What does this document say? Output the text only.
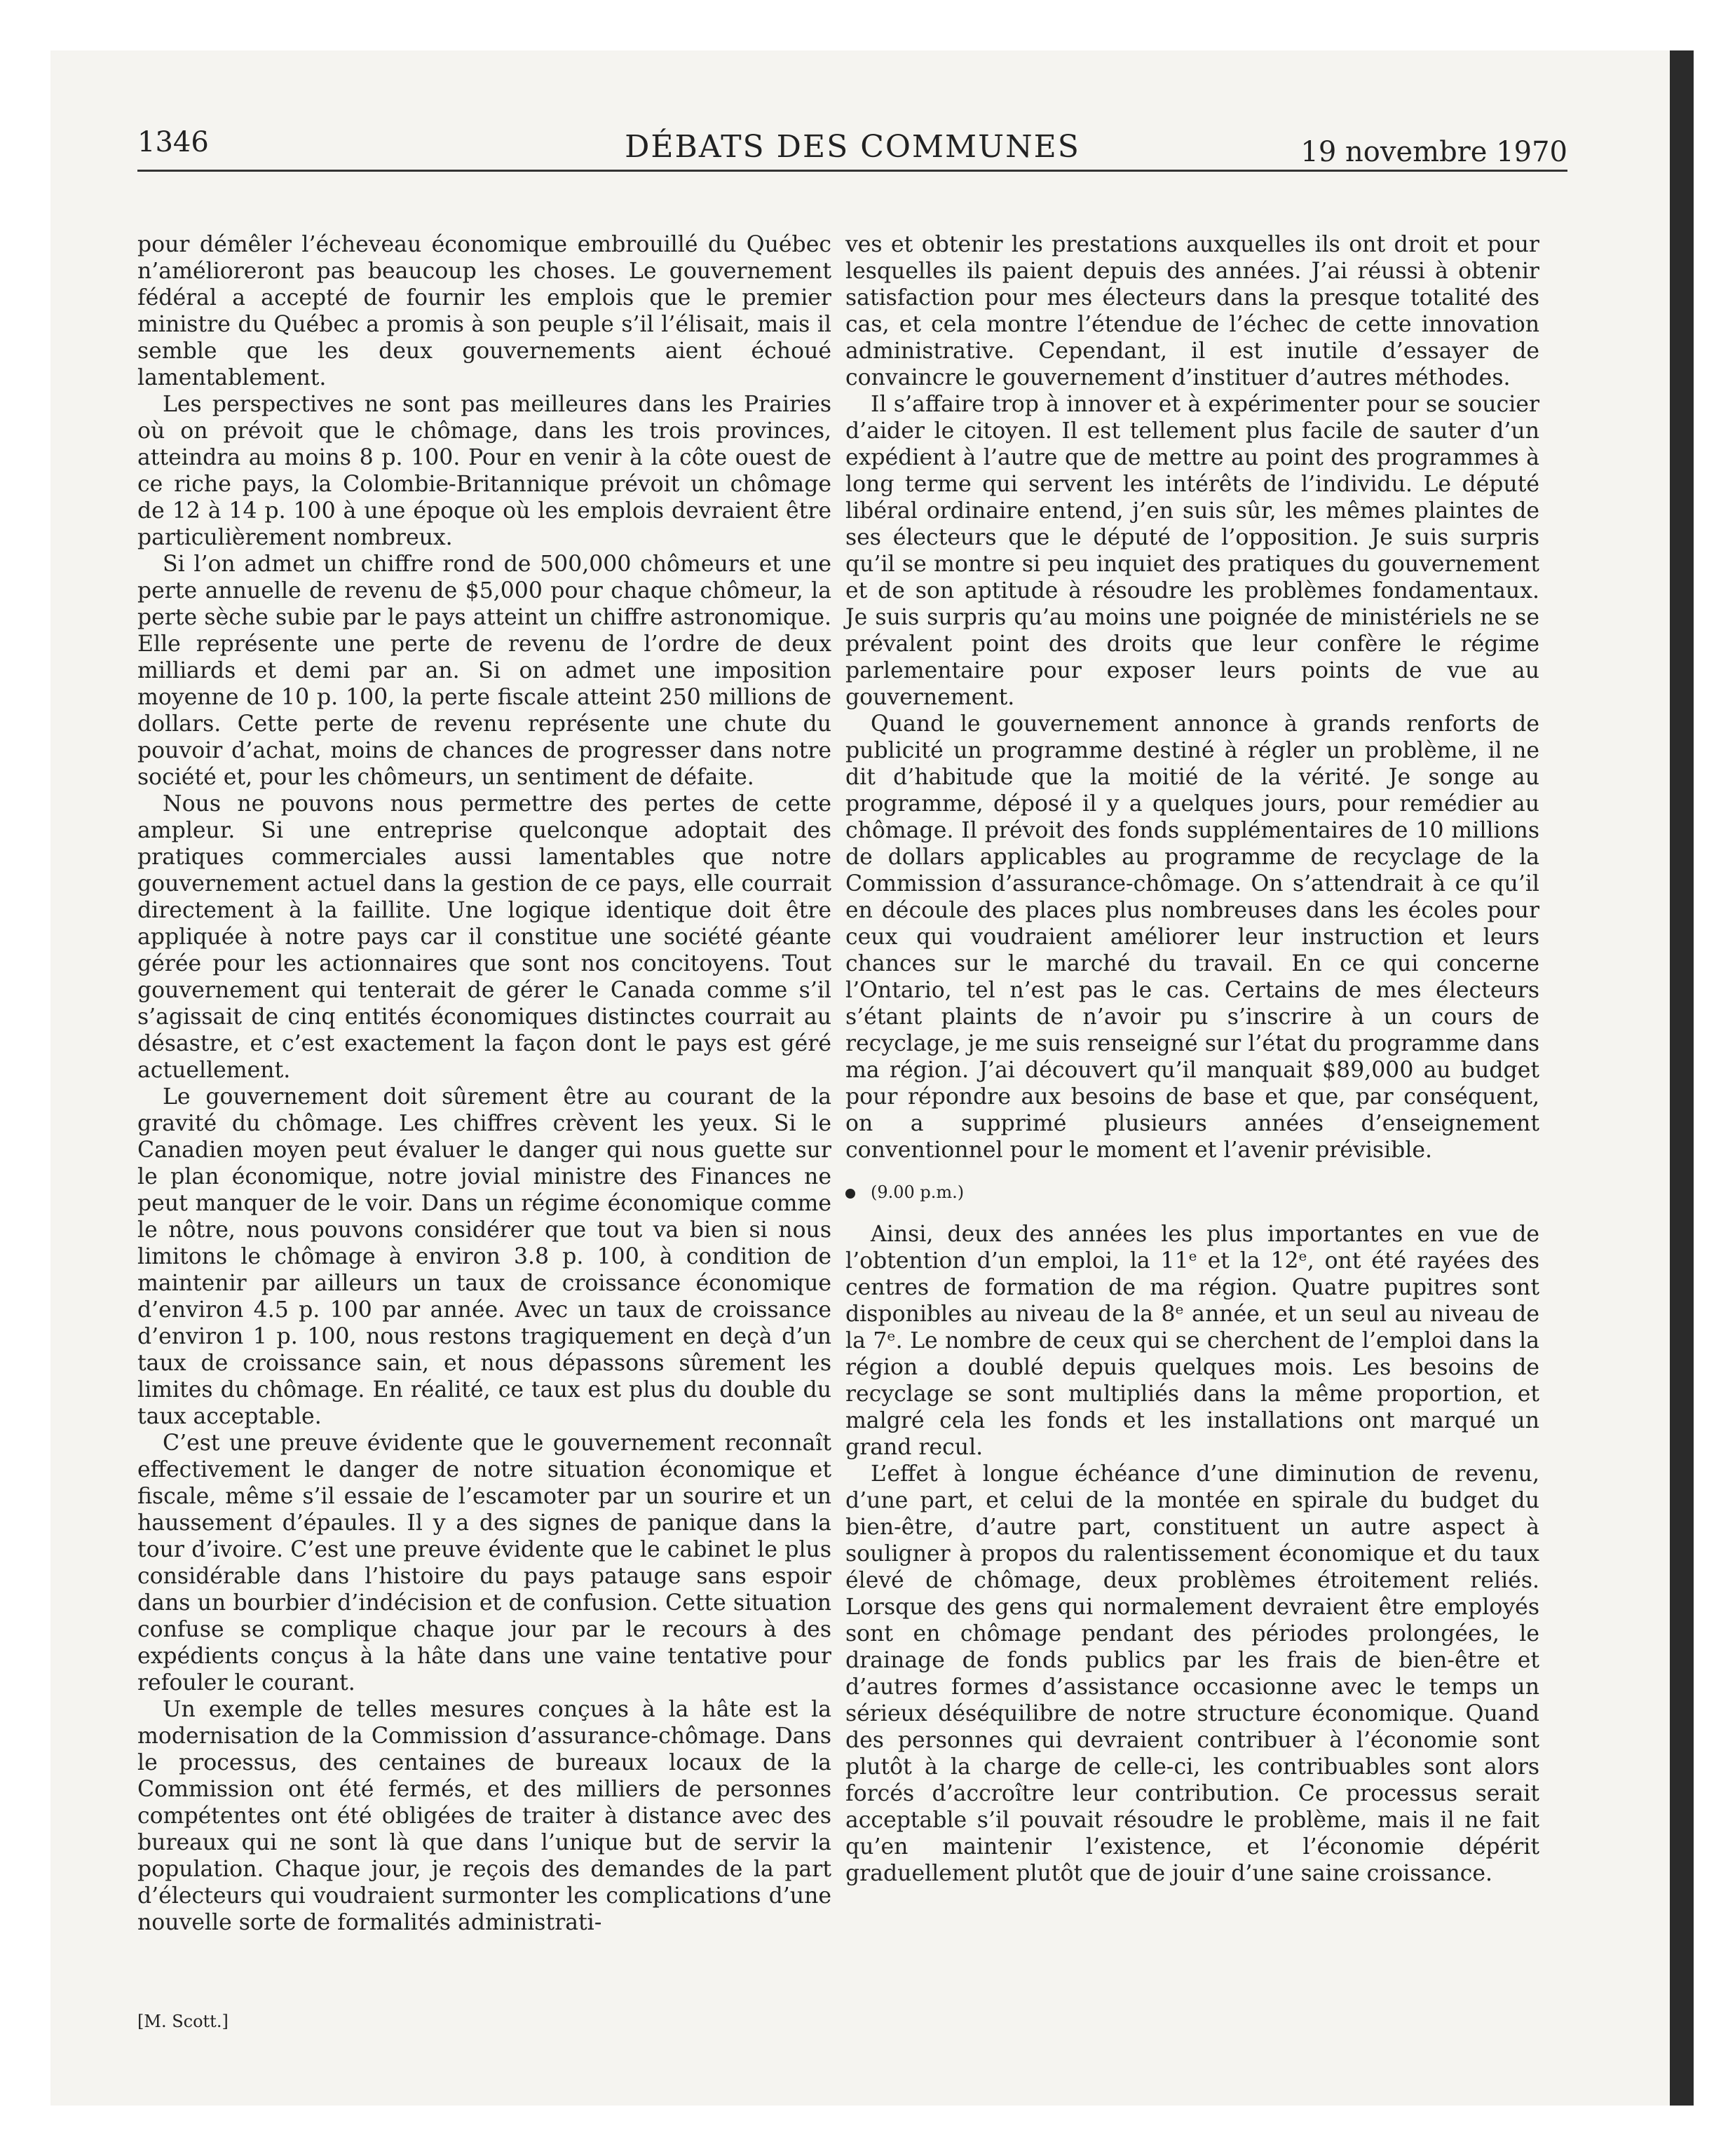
1346	DÉBATS DES COMMUNES	19 novembre 1970

pour démêler l’écheveau économique embrouillé du Québec n’amélioreront pas beaucoup les choses. Le gouvernement fédéral a accepté de fournir les emplois que le premier ministre du Québec a promis à son peuple s’il l’élisait, mais il semble que les deux gouvernements aient échoué lamentablement.

Les perspectives ne sont pas meilleures dans les Prairies où on prévoit que le chômage, dans les trois provinces, atteindra au moins 8 p. 100. Pour en venir à la côte ouest de ce riche pays, la Colombie-Britannique prévoit un chômage de 12 à 14 p. 100 à une époque où les emplois devraient être particulièrement nombreux.

Si l’on admet un chiffre rond de 500,000 chômeurs et une perte annuelle de revenu de $5,000 pour chaque chômeur, la perte sèche subie par le pays atteint un chiffre astronomique. Elle représente une perte de revenu de l’ordre de deux milliards et demi par an. Si on admet une imposition moyenne de 10 p. 100, la perte fiscale atteint 250 millions de dollars. Cette perte de revenu représente une chute du pouvoir d’achat, moins de chances de progresser dans notre société et, pour les chômeurs, un sentiment de défaite.

Nous ne pouvons nous permettre des pertes de cette ampleur. Si une entreprise quelconque adoptait des pratiques commerciales aussi lamentables que notre gouvernement actuel dans la gestion de ce pays, elle courrait directement à la faillite. Une logique identique doit être appliquée à notre pays car il constitue une société géante gérée pour les actionnaires que sont nos concitoyens. Tout gouvernement qui tenterait de gérer le Canada comme s’il s’agissait de cinq entités économiques distinctes courrait au désastre, et c’est exactement la façon dont le pays est géré actuellement.

Le gouvernement doit sûrement être au courant de la gravité du chômage. Les chiffres crèvent les yeux. Si le Canadien moyen peut évaluer le danger qui nous guette sur le plan économique, notre jovial ministre des Finances ne peut manquer de le voir. Dans un régime économique comme le nôtre, nous pouvons considérer que tout va bien si nous limitons le chômage à environ 3.8 p. 100, à condition de maintenir par ailleurs un taux de croissance économique d’environ 4.5 p. 100 par année. Avec un taux de croissance d’environ 1 p. 100, nous restons tragiquement en deçà d’un taux de croissance sain, et nous dépassons sûrement les limites du chômage. En réalité, ce taux est plus du double du taux acceptable.

C’est une preuve évidente que le gouvernement reconnaît effectivement le danger de notre situation économique et fiscale, même s’il essaie de l’escamoter par un sourire et un haussement d’épaules. Il y a des signes de panique dans la tour d’ivoire. C’est une preuve évidente que le cabinet le plus considérable dans l’histoire du pays patauge sans espoir dans un bourbier d’indécision et de confusion. Cette situation confuse se complique chaque jour par le recours à des expédients conçus à la hâte dans une vaine tentative pour refouler le courant.

Un exemple de telles mesures conçues à la hâte est la modernisation de la Commission d’assurance-chômage. Dans le processus, des centaines de bureaux locaux de la Commission ont été fermés, et des milliers de personnes compétentes ont été obligées de traiter à distance avec des bureaux qui ne sont là que dans l’unique but de servir la population. Chaque jour, je reçois des demandes de la part d’électeurs qui voudraient surmonter les complications d’une nouvelle sorte de formalités administrati-

ves et obtenir les prestations auxquelles ils ont droit et pour lesquelles ils paient depuis des années. J’ai réussi à obtenir satisfaction pour mes électeurs dans la presque totalité des cas, et cela montre l’étendue de l’échec de cette innovation administrative. Cependant, il est inutile d’essayer de convaincre le gouvernement d’instituer d’autres méthodes.

Il s’affaire trop à innover et à expérimenter pour se soucier d’aider le citoyen. Il est tellement plus facile de sauter d’un expédient à l’autre que de mettre au point des programmes à long terme qui servent les intérêts de l’individu. Le député libéral ordinaire entend, j’en suis sûr, les mêmes plaintes de ses électeurs que le député de l’opposition. Je suis surpris qu’il se montre si peu inquiet des pratiques du gouvernement et de son aptitude à résoudre les problèmes fondamentaux. Je suis surpris qu’au moins une poignée de ministériels ne se prévalent point des droits que leur confère le régime parlementaire pour exposer leurs points de vue au gouvernement.

Quand le gouvernement annonce à grands renforts de publicité un programme destiné à régler un problème, il ne dit d’habitude que la moitié de la vérité. Je songe au programme, déposé il y a quelques jours, pour remédier au chômage. Il prévoit des fonds supplémentaires de 10 millions de dollars applicables au programme de recyclage de la Commission d’assurance-chômage. On s’attendrait à ce qu’il en découle des places plus nombreuses dans les écoles pour ceux qui voudraient améliorer leur instruction et leurs chances sur le marché du travail. En ce qui concerne l’Ontario, tel n’est pas le cas. Certains de mes électeurs s’étant plaints de n’avoir pu s’inscrire à un cours de recyclage, je me suis renseigné sur l’état du programme dans ma région. J’ai découvert qu’il manquait $89,000 au budget pour répondre aux besoins de base et que, par conséquent, on a supprimé plusieurs années d’enseignement conventionnel pour le moment et l’avenir prévisible.

(9.00 p.m.)

Ainsi, deux des années les plus importantes en vue de l’obtention d’un emploi, la 11ᵉ et la 12ᵉ, ont été rayées des centres de formation de ma région. Quatre pupitres sont disponibles au niveau de la 8ᵉ année, et un seul au niveau de la 7ᵉ. Le nombre de ceux qui se cherchent de l’emploi dans la région a doublé depuis quelques mois. Les besoins de recyclage se sont multipliés dans la même proportion, et malgré cela les fonds et les installations ont marqué un grand recul.

L’effet à longue échéance d’une diminution de revenu, d’une part, et celui de la montée en spirale du budget du bien-être, d’autre part, constituent un autre aspect à souligner à propos du ralentissement économique et du taux élevé de chômage, deux problèmes étroitement reliés. Lorsque des gens qui normalement devraient être employés sont en chômage pendant des périodes prolongées, le drainage de fonds publics par les frais de bien-être et d’autres formes d’assistance occasionne avec le temps un sérieux déséquilibre de notre structure économique. Quand des personnes qui devraient contribuer à l’économie sont plutôt à la charge de celle-ci, les contribuables sont alors forcés d’accroître leur contribution. Ce processus serait acceptable s’il pouvait résoudre le problème, mais il ne fait qu’en maintenir l’existence, et l’économie dépérit graduellement plutôt que de jouir d’une saine croissance.

[M. Scott.]
